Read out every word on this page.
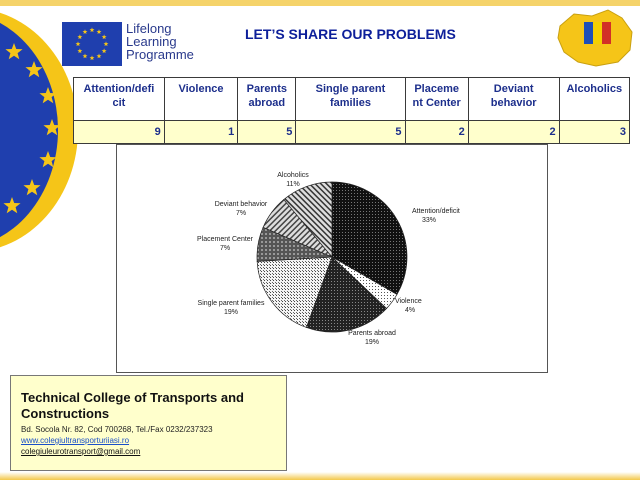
Lifelong
Learning
Programme
LET’S SHARE OUR PROBLEMS
Attention/defi cit	Violence	Parents abroad	Single parent families	Placeme nt Center	Deviant behavior	Alcoholics
9	1	5	5	2	2	3
Attention/deficit
33%
Violence
4%
Parents abroad
19%
Single parent families
19%
Placement Center
7%
Deviant behavior
7%
Alcoholics
11%
Technical College of Transports and Constructions
Bd. Socola Nr. 82, Cod 700268, Tel./Fax 0232/237323
www.colegiultransporturiiasi.ro
colegiuleurotransport@gmail.com
